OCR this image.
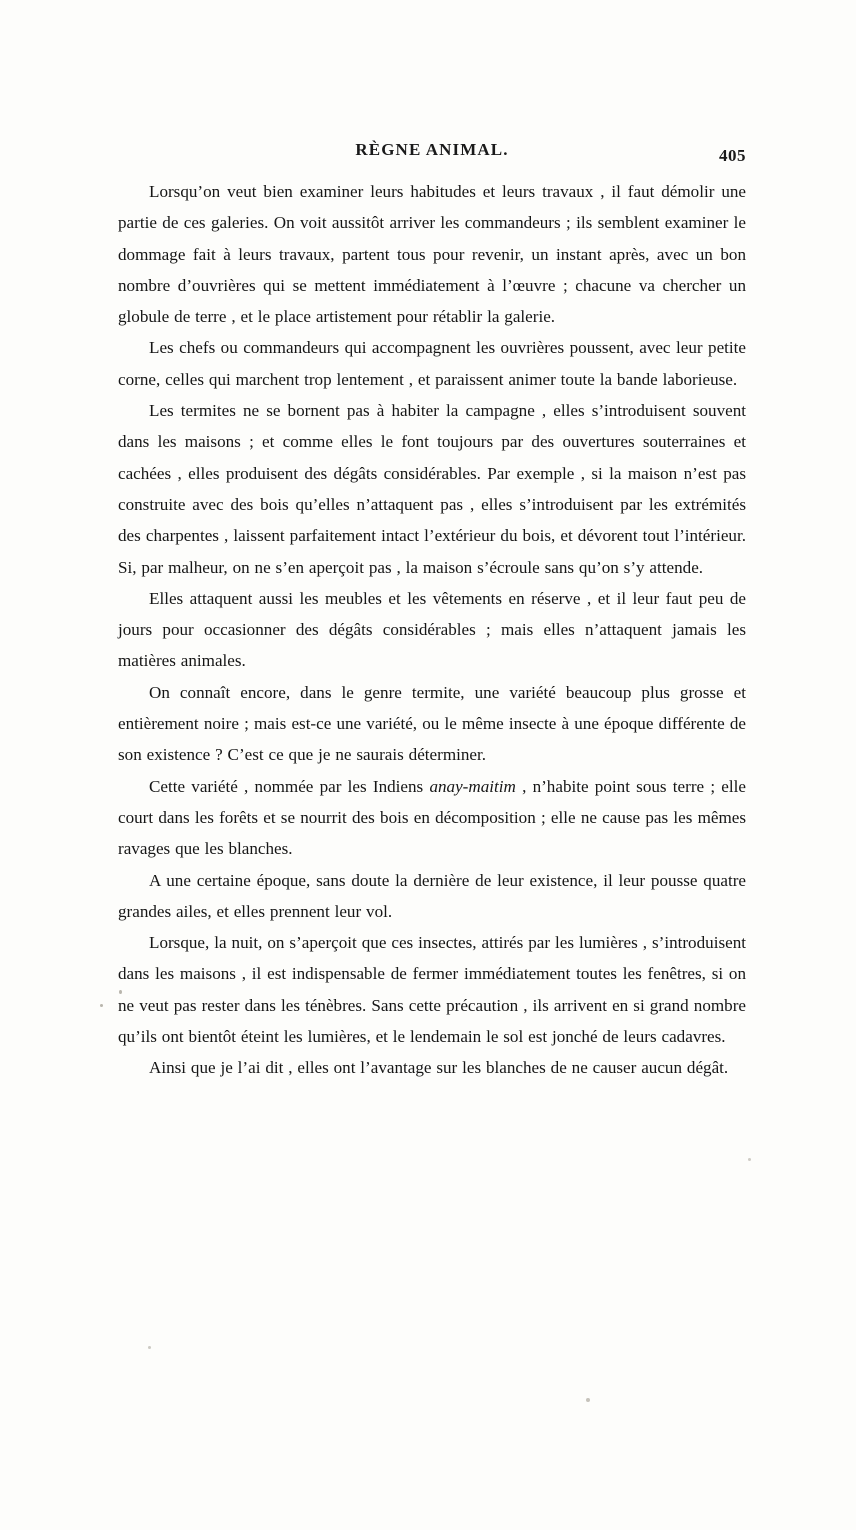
RÈGNE ANIMAL.	405

Lorsqu’on veut bien examiner leurs habitudes et leurs travaux , il faut démolir une partie de ces galeries. On voit aussitôt arriver les commandeurs ; ils semblent examiner le dommage fait à leurs travaux, partent tous pour revenir, un instant après, avec un bon nombre d’ouvrières qui se mettent immédiatement à l’œuvre ; chacune va chercher un globule de terre , et le place artistement pour rétablir la galerie.

Les chefs ou commandeurs qui accompagnent les ouvrières poussent, avec leur petite corne, celles qui marchent trop lentement , et paraissent animer toute la bande laborieuse.

Les termites ne se bornent pas à habiter la campagne , elles s’introduisent souvent dans les maisons ; et comme elles le font toujours par des ouvertures souterraines et cachées , elles produisent des dégâts considérables. Par exemple , si la maison n’est pas construite avec des bois qu’elles n’attaquent pas , elles s’introduisent par les extrémités des charpentes , laissent parfaitement intact l’extérieur du bois, et dévorent tout l’intérieur. Si, par malheur, on ne s’en aperçoit pas , la maison s’écroule sans qu’on s’y attende.

Elles attaquent aussi les meubles et les vêtements en réserve , et il leur faut peu de jours pour occasionner des dégâts considérables ; mais elles n’attaquent jamais les matières animales.

On connaît encore, dans le genre termite, une variété beaucoup plus grosse et entièrement noire ; mais est-ce une variété, ou le même insecte à une époque différente de son existence ? C’est ce que je ne saurais déterminer.

Cette variété , nommée par les Indiens anay-maitim , n’habite point sous terre ; elle court dans les forêts et se nourrit des bois en décomposition ; elle ne cause pas les mêmes ravages que les blanches.

A une certaine époque, sans doute la dernière de leur existence, il leur pousse quatre grandes ailes, et elles prennent leur vol.

Lorsque, la nuit, on s’aperçoit que ces insectes, attirés par les lumières , s’introduisent dans les maisons , il est indispensable de fermer immédiatement toutes les fenêtres, si on ne veut pas rester dans les ténèbres. Sans cette précaution , ils arrivent en si grand nombre qu’ils ont bientôt éteint les lumières, et le lendemain le sol est jonché de leurs cadavres.

Ainsi que je l’ai dit , elles ont l’avantage sur les blanches de ne causer aucun dégât.
